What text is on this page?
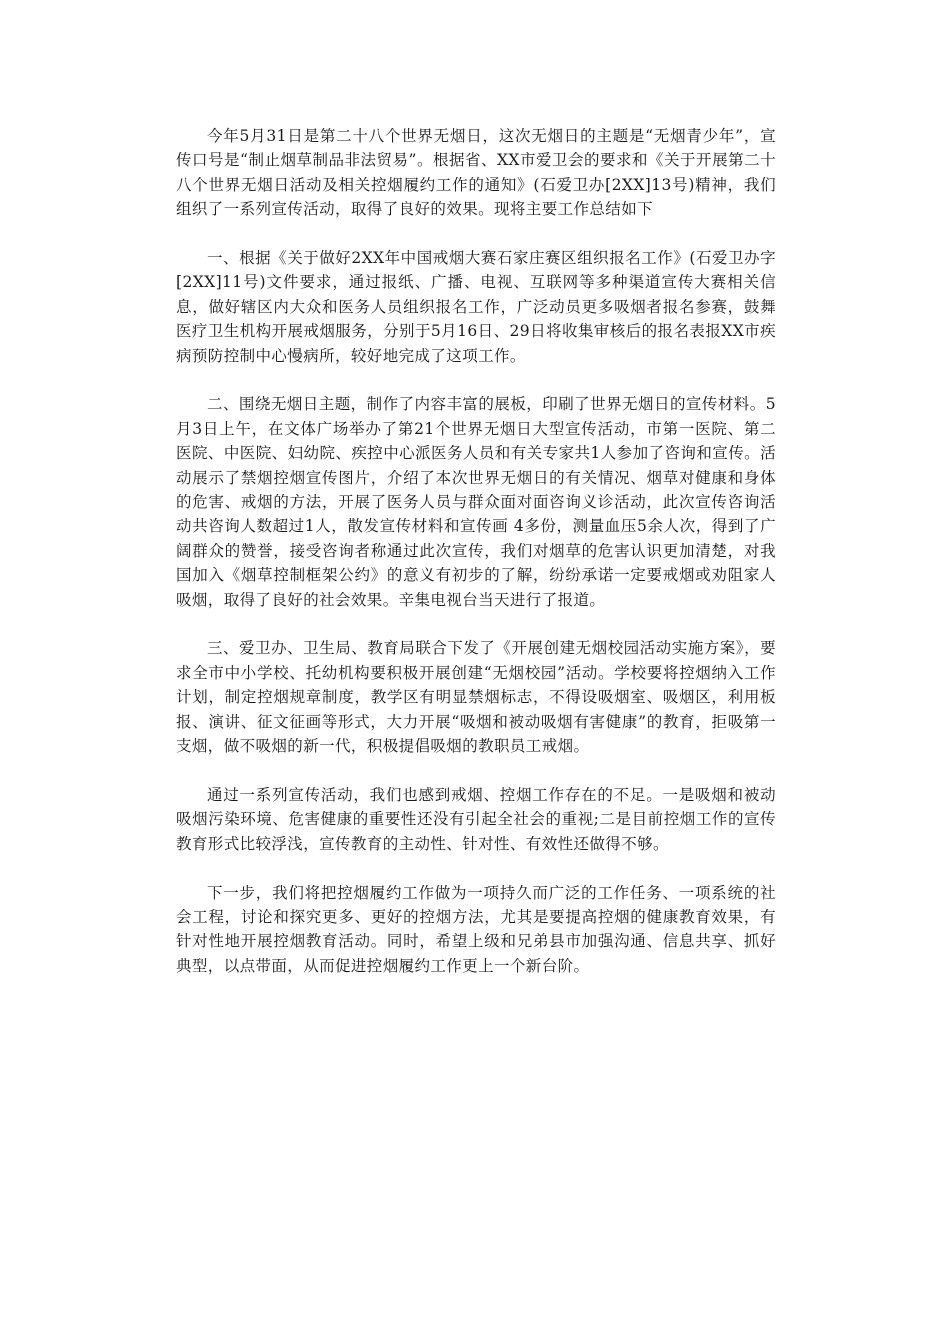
今年5月31日是第二十八个世界无烟日，这次无烟日的主题是“无烟青少年”，宣传口号是“制止烟草制品非法贸易”。根据省、XX市爱卫会的要求和《关于开展第二十八个世界无烟日活动及相关控烟履约工作的通知》(石爱卫办[2XX]13号)精神，我们组织了一系列宣传活动，取得了良好的效果。现将主要工作总结如下

一、根据《关于做好2XX年中国戒烟大赛石家庄赛区组织报名工作》(石爱卫办字[2XX]11号)文件要求，通过报纸、广播、电视、互联网等多种渠道宣传大赛相关信息，做好辖区内大众和医务人员组织报名工作，广泛动员更多吸烟者报名参赛，鼓舞医疗卫生机构开展戒烟服务，分别于5月16日、29日将收集审核后的报名表报XX市疾病预防控制中心慢病所，较好地完成了这项工作。

二、围绕无烟日主题，制作了内容丰富的展板，印刷了世界无烟日的宣传材料。5月3日上午，在文体广场举办了第21个世界无烟日大型宣传活动，市第一医院、第二医院、中医院、妇幼院、疾控中心派医务人员和有关专家共1人参加了咨询和宣传。活动展示了禁烟控烟宣传图片，介绍了本次世界无烟日的有关情况、烟草对健康和身体的危害、戒烟的方法，开展了医务人员与群众面对面咨询义诊活动，此次宣传咨询活动共咨询人数超过1人，散发宣传材料和宣传画 4多份，测量血压5余人次，得到了广阔群众的赞誉，接受咨询者称通过此次宣传，我们对烟草的危害认识更加清楚，对我国加入《烟草控制框架公约》的意义有初步的了解，纷纷承诺一定要戒烟或劝阻家人吸烟，取得了良好的社会效果。辛集电视台当天进行了报道。

三、爱卫办、卫生局、教育局联合下发了《开展创建无烟校园活动实施方案》，要求全市中小学校、托幼机构要积极开展创建“无烟校园”活动。学校要将控烟纳入工作计划，制定控烟规章制度，教学区有明显禁烟标志，不得设吸烟室、吸烟区，利用板报、演讲、征文征画等形式，大力开展“吸烟和被动吸烟有害健康”的教育，拒吸第一支烟，做不吸烟的新一代，积极提倡吸烟的教职员工戒烟。

通过一系列宣传活动，我们也感到戒烟、控烟工作存在的不足。一是吸烟和被动吸烟污染环境、危害健康的重要性还没有引起全社会的重视;二是目前控烟工作的宣传教育形式比较浮浅，宣传教育的主动性、针对性、有效性还做得不够。

下一步，我们将把控烟履约工作做为一项持久而广泛的工作任务、一项系统的社会工程，讨论和探究更多、更好的控烟方法，尤其是要提高控烟的健康教育效果，有针对性地开展控烟教育活动。同时，希望上级和兄弟县市加强沟通、信息共享、抓好典型，以点带面，从而促进控烟履约工作更上一个新台阶。
